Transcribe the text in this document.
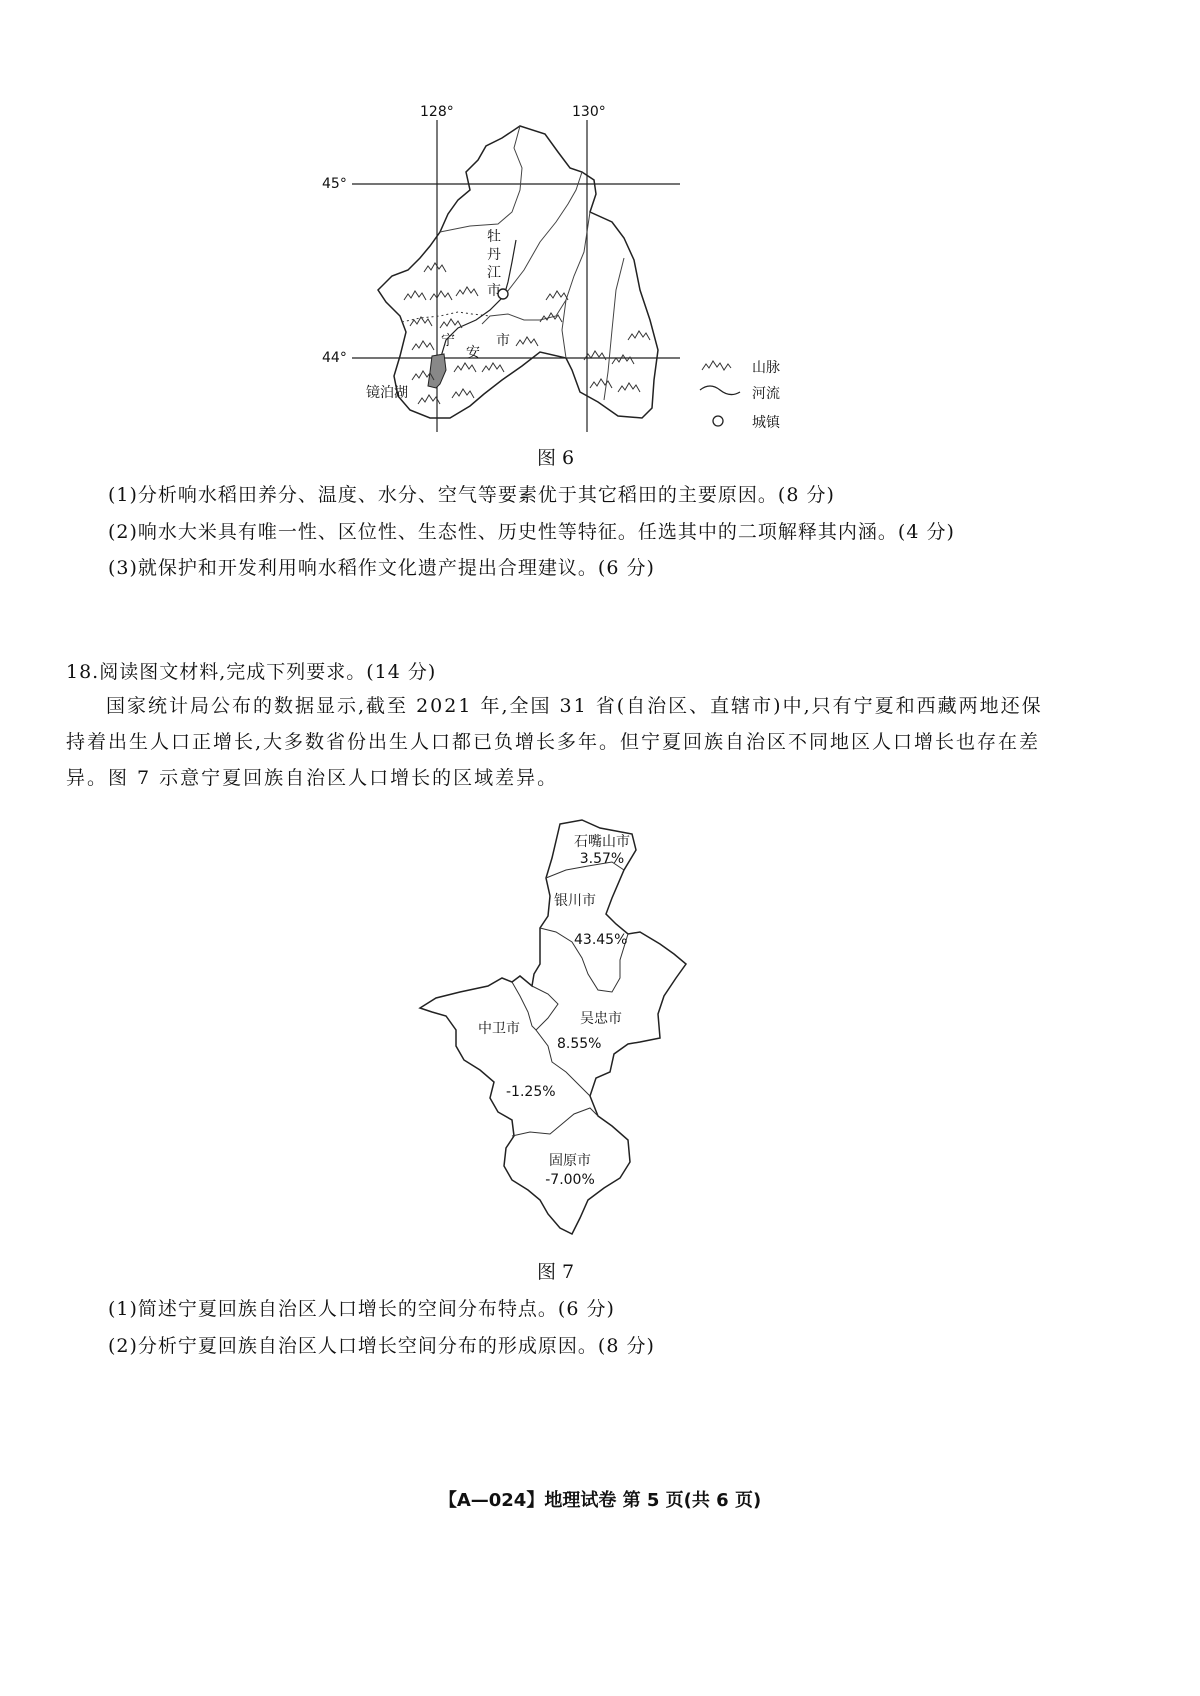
128°	130°
45°
44°
牡
丹
江
市
宁
安
市
镜泊湖
山脉
河流
城镇
图 6
(1)分析响水稻田养分、温度、水分、空气等要素优于其它稻田的主要原因。(8 分)
(2)响水大米具有唯一性、区位性、生态性、历史性等特征。任选其中的二项解释其内涵。(4 分)
(3)就保护和开发利用响水稻作文化遗产提出合理建议。(6 分)
18.阅读图文材料,完成下列要求。(14 分)
国家统计局公布的数据显示,截至 2021 年,全国 31 省(自治区、直辖市)中,只有宁夏和西藏两地还保持着出生人口正增长,大多数省份出生人口都已负增长多年。但宁夏回族自治区不同地区人口增长也存在差异。图 7 示意宁夏回族自治区人口增长的区域差异。
石嘴山市
3.57%
银川市
43.45%
吴忠市
8.55%
中卫市
-1.25%
固原市
-7.00%
图 7
(1)简述宁夏回族自治区人口增长的空间分布特点。(6 分)
(2)分析宁夏回族自治区人口增长空间分布的形成原因。(8 分)
【A—024】地理试卷 第 5 页(共 6 页)
